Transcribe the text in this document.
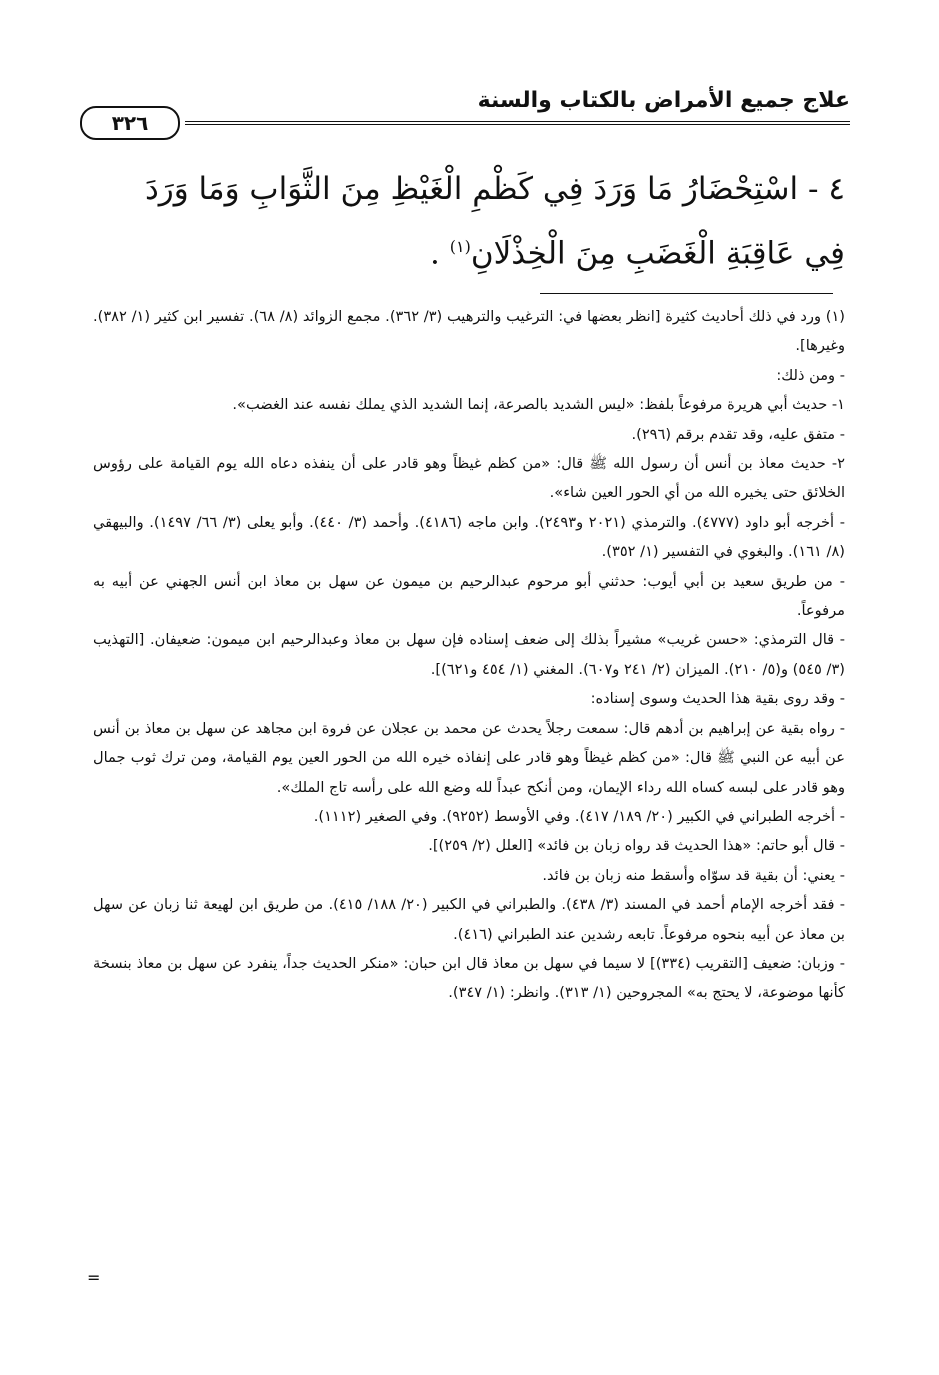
علاج جميع الأمراض بالكتاب والسنة
٣٢٦
٤ - اسْتِحْضَارُ مَا وَرَدَ فِي كَظْمِ الْغَيْظِ مِنَ الثَّوَابِ وَمَا وَرَدَ فِي عَاقِبَةِ الْغَضَبِ مِنَ الْخِذْلَانِ$^{(١)}$ .

(١) ورد في ذلك أحاديث كثيرة [انظر بعضها في: الترغيب والترهيب (٣/ ٣٦٢). مجمع الزوائد (٨/ ٦٨). تفسير ابن كثير (١/ ٣٨٢). وغيرها].

- ومن ذلك:

١- حديث أبي هريرة مرفوعاً بلفظ: «ليس الشديد بالصرعة، إنما الشديد الذي يملك نفسه عند الغضب».

- متفق عليه، وقد تقدم برقم (٢٩٦).

٢- حديث معاذ بن أنس أن رسول الله ﷺ قال: «من كظم غيظاً وهو قادر على أن ينفذه دعاه الله يوم القيامة على رؤوس الخلائق حتى يخيره الله من أي الحور العين شاء».

- أخرجه أبو داود (٤٧٧٧). والترمذي (٢٠٢١ و٢٤٩٣). وابن ماجه (٤١٨٦). وأحمد (٣/ ٤٤٠). وأبو يعلى (٣/ ٦٦/ ١٤٩٧). والبيهقي (٨/ ١٦١). والبغوي في التفسير (١/ ٣٥٢).

- من طريق سعيد بن أبي أيوب: حدثني أبو مرحوم عبدالرحيم بن ميمون عن سهل بن معاذ ابن أنس الجهني عن أبيه به مرفوعاً.

- قال الترمذي: «حسن غريب» مشيراً بذلك إلى ضعف إسناده فإن سهل بن معاذ وعبدالرحيم ابن ميمون: ضعيفان. [التهذيب (٣/ ٥٤٥) و(٥/ ٢١٠). الميزان (٢/ ٢٤١ و٦٠٧). المغني (١/ ٤٥٤ و٦٢١)].

- وقد روى بقية هذا الحديث وسوى إسناده:

- رواه بقية عن إبراهيم بن أدهم قال: سمعت رجلاً يحدث عن محمد بن عجلان عن فروة ابن مجاهد عن سهل بن معاذ بن أنس عن أبيه عن النبي ﷺ قال: «من كظم غيظاً وهو قادر على إنفاذه خيره الله من الحور العين يوم القيامة، ومن ترك ثوب جمال وهو قادر على لبسه كساه الله رداء الإيمان، ومن أنكح عبداً لله وضع الله على رأسه تاج الملك».

- أخرجه الطبراني في الكبير (٢٠/ ١٨٩/ ٤١٧). وفي الأوسط (٩٢٥٢). وفي الصغير (١١١٢).

- قال أبو حاتم: «هذا الحديث قد رواه زبان بن فائد» [العلل (٢/ ٢٥٩)].

- يعني: أن بقية قد سوّاه وأسقط منه زبان بن فائد.

- فقد أخرجه الإمام أحمد في المسند (٣/ ٤٣٨). والطبراني في الكبير (٢٠/ ١٨٨/ ٤١٥). من طريق ابن لهيعة ثنا زبان عن سهل بن معاذ عن أبيه بنحوه مرفوعاً. تابعه رشدين عند الطبراني (٤١٦).

- وزبان: ضعيف [التقريب (٣٣٤)] لا سيما في سهل بن معاذ قال ابن حبان: «منكر الحديث جداً، ينفرد عن سهل بن معاذ بنسخة كأنها موضوعة، لا يحتج به» المجروحين (١/ ٣١٣). وانظر: (١/ ٣٤٧).

=
